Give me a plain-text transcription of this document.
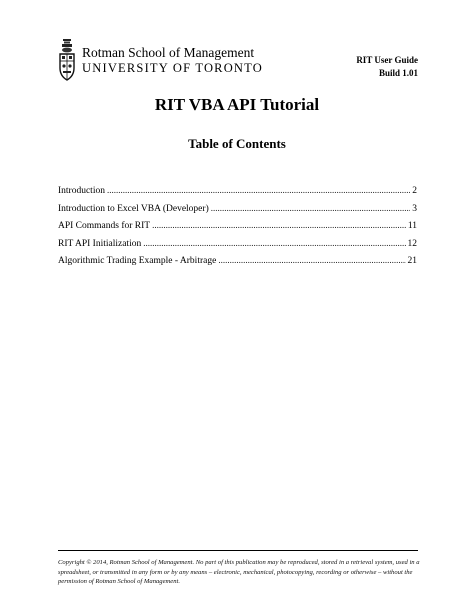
Rotman School of Management
UNIVERSITY OF TORONTO
RIT User Guide
Build 1.01
RIT VBA API Tutorial
Table of Contents
Introduction .....	2
Introduction to Excel VBA (Developer) .....	3
API Commands for RIT .....	11
RIT API Initialization .....	12
Algorithmic Trading Example - Arbitrage .....	21
Copyright © 2014, Rotman School of Management. No part of this publication may be reproduced, stored in a retrieval system, used in a spreadsheet, or transmitted in any form or by any means – electronic, mechanical, photocopying, recording or otherwise – without the permission of Rotman School of Management.
